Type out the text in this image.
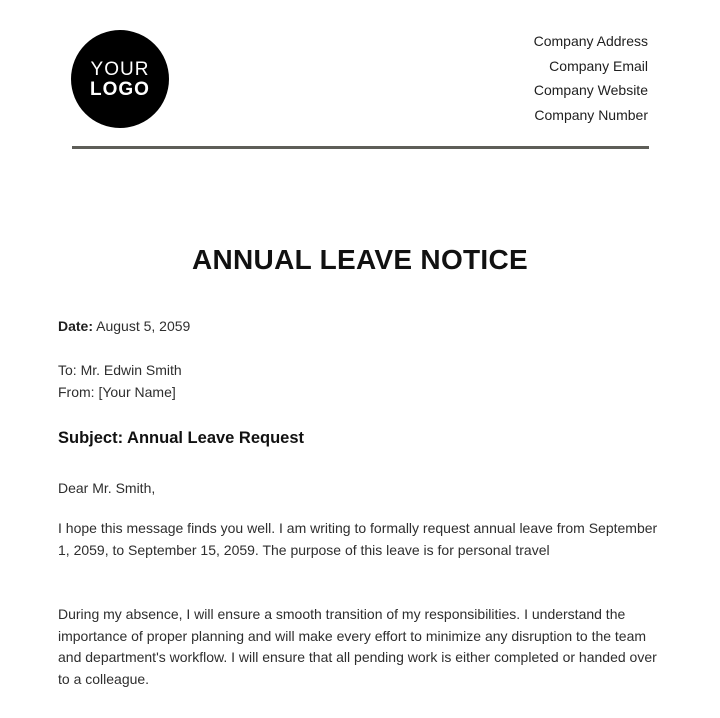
YOUR
LOGO
Company Address
Company Email
Company Website
Company Number
ANNUAL LEAVE NOTICE
Date: August 5, 2059
To: Mr. Edwin Smith
From: [Your Name]
Subject: Annual Leave Request
Dear Mr. Smith,
I hope this message finds you well. I am writing to formally request annual leave from September 1, 2059, to September 15, 2059. The purpose of this leave is for personal travel
During my absence, I will ensure a smooth transition of my responsibilities. I understand the importance of proper planning and will make every effort to minimize any disruption to the team and department's workflow. I will ensure that all pending work is either completed or handed over to a colleague.
